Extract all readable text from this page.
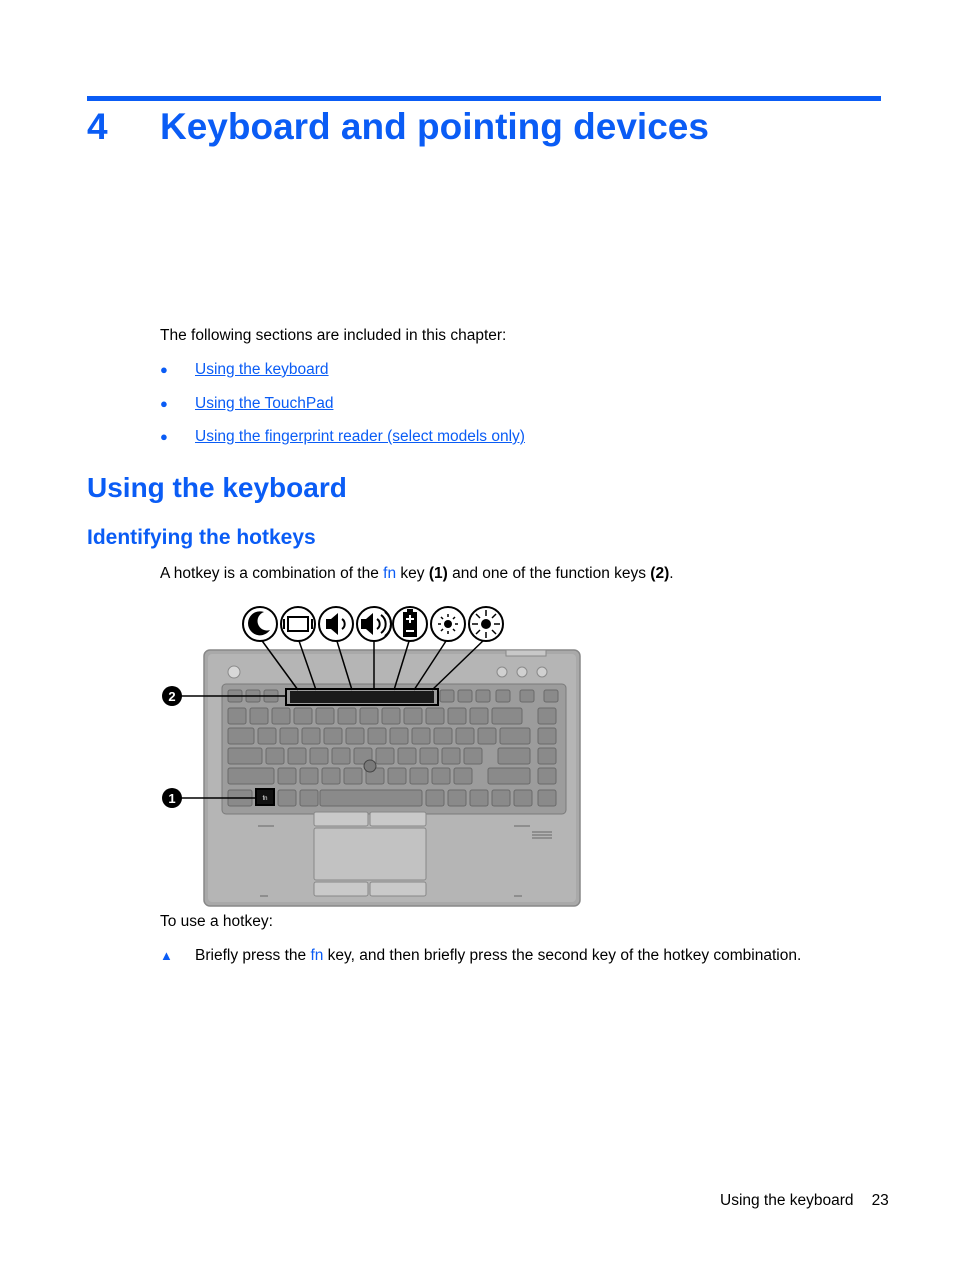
4 Keyboard and pointing devices
The following sections are included in this chapter:
● Using the keyboard
● Using the TouchPad
● Using the fingerprint reader (select models only)
Using the keyboard
Identifying the hotkeys
A hotkey is a combination of the fn key (1) and one of the function keys (2).
fn
2
1
To use a hotkey:
▲ Briefly press the fn key, and then briefly press the second key of the hotkey combination.
Using the keyboard 23
